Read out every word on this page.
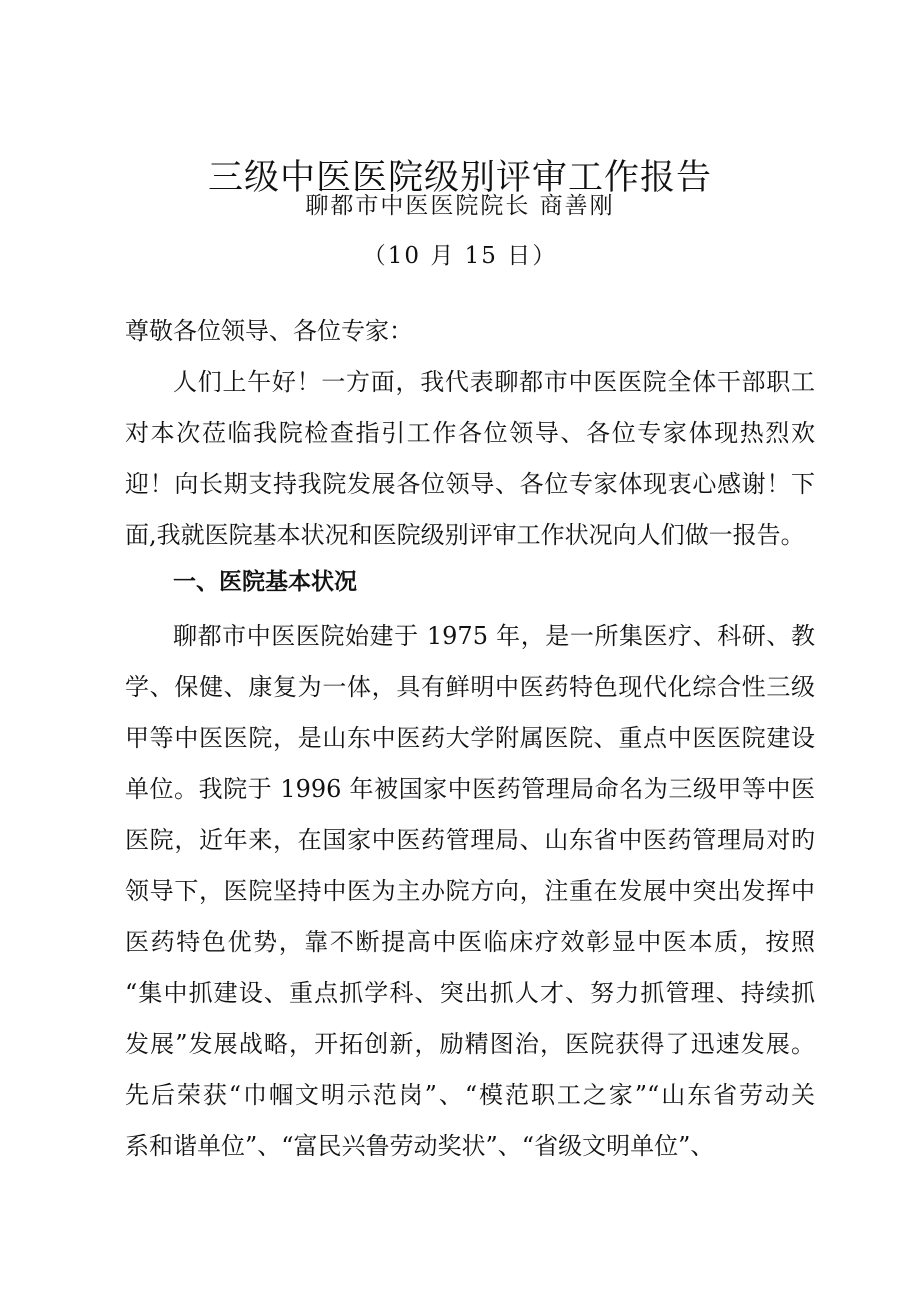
三级中医医院级别评审工作报告
聊都市中医医院院长 商善刚
（10 月 15 日）
尊敬各位领导、各位专家：
人们上午好！一方面，我代表聊都市中医医院全体干部职工
对本次莅临我院检查指引工作各位领导、各位专家体现热烈欢
迎！向长期支持我院发展各位领导、各位专家体现衷心感谢！下
面,我就医院基本状况和医院级别评审工作状况向人们做一报告。
一、医院基本状况
聊都市中医医院始建于 1975 年，是一所集医疗、科研、教
学、保健、康复为一体，具有鲜明中医药特色现代化综合性三级
甲等中医医院，是山东中医药大学附属医院、重点中医医院建设
单位。我院于 1996 年被国家中医药管理局命名为三级甲等中医
医院，近年来，在国家中医药管理局、山东省中医药管理局对旳
领导下，医院坚持中医为主办院方向，注重在发展中突出发挥中
医药特色优势，靠不断提高中医临床疗效彰显中医本质，按照
“集中抓建设、重点抓学科、突出抓人才、努力抓管理、持续抓
发展”发展战略，开拓创新，励精图治，医院获得了迅速发展。
先后荣获“巾帼文明示范岗”、“模范职工之家”“山东省劳动关
系和谐单位”、“富民兴鲁劳动奖状”、“省级文明单位”、
